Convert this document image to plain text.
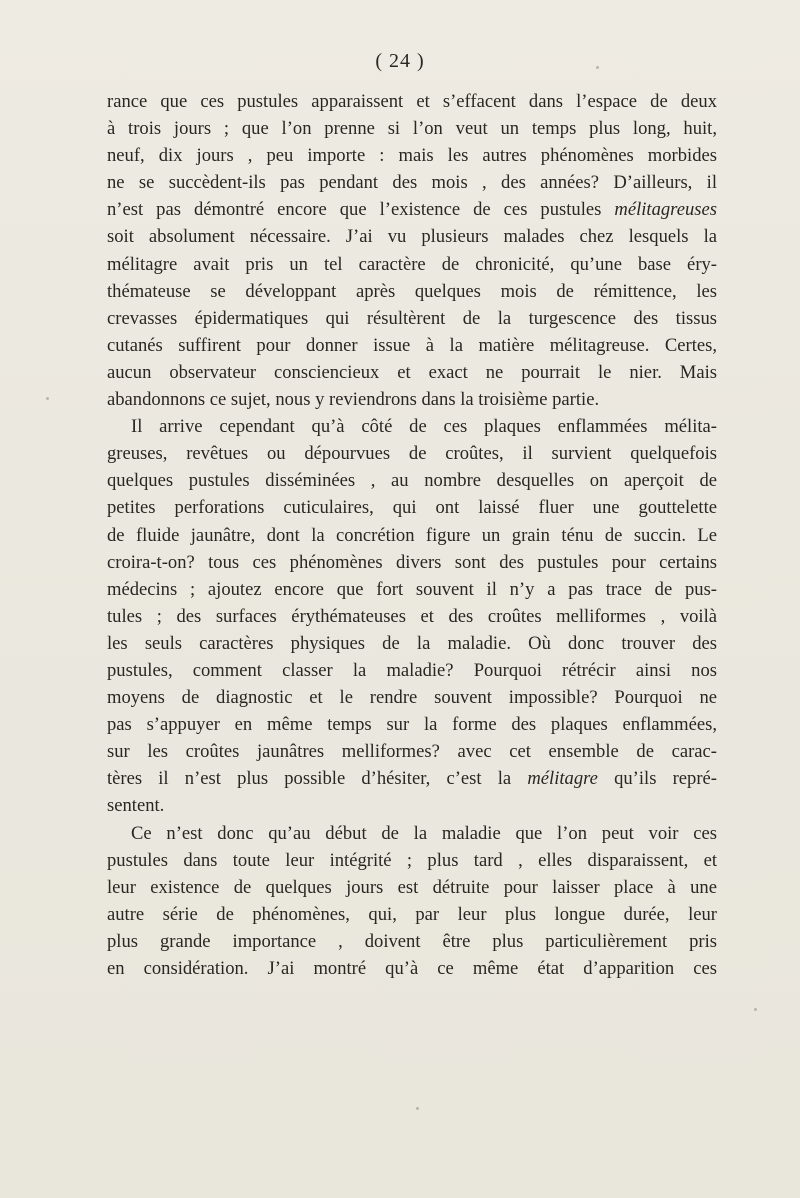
( 24 )
rance que ces pustules apparaissent et s’effacent dans l’espace de deux
à trois jours ; que l’on prenne si l’on veut un temps plus long, huit,
neuf, dix jours , peu importe : mais les autres phénomènes morbides
ne se succèdent-ils pas pendant des mois , des années? D’ailleurs, il
n’est pas démontré encore que l’existence de ces pustules mélitagreuses
soit absolument nécessaire. J’ai vu plusieurs malades chez lesquels la
mélitagre avait pris un tel caractère de chronicité, qu’une base éry-
thémateuse se développant après quelques mois de rémittence, les
crevasses épidermatiques qui résultèrent de la turgescence des tissus
cutanés suffirent pour donner issue à la matière mélitagreuse. Certes,
aucun observateur consciencieux et exact ne pourrait le nier. Mais
abandonnons ce sujet, nous y reviendrons dans la troisième partie.
Il arrive cependant qu’à côté de ces plaques enflammées mélita-
greuses, revêtues ou dépourvues de croûtes, il survient quelquefois
quelques pustules disséminées , au nombre desquelles on aperçoit de
petites perforations cuticulaires, qui ont laissé fluer une gouttelette
de fluide jaunâtre, dont la concrétion figure un grain ténu de succin. Le
croira-t-on? tous ces phénomènes divers sont des pustules pour certains
médecins ; ajoutez encore que fort souvent il n’y a pas trace de pus-
tules ; des surfaces érythémateuses et des croûtes melliformes , voilà
les seuls caractères physiques de la maladie. Où donc trouver des
pustules, comment classer la maladie? Pourquoi rétrécir ainsi nos
moyens de diagnostic et le rendre souvent impossible? Pourquoi ne
pas s’appuyer en même temps sur la forme des plaques enflammées,
sur les croûtes jaunâtres melliformes? avec cet ensemble de carac-
tères il n’est plus possible d’hésiter, c’est la mélitagre qu’ils repré-
sentent.
Ce n’est donc qu’au début de la maladie que l’on peut voir ces
pustules dans toute leur intégrité ; plus tard , elles disparaissent, et
leur existence de quelques jours est détruite pour laisser place à une
autre série de phénomènes, qui, par leur plus longue durée, leur
plus grande importance , doivent être plus particulièrement pris
en considération. J’ai montré qu’à ce même état d’apparition ces
